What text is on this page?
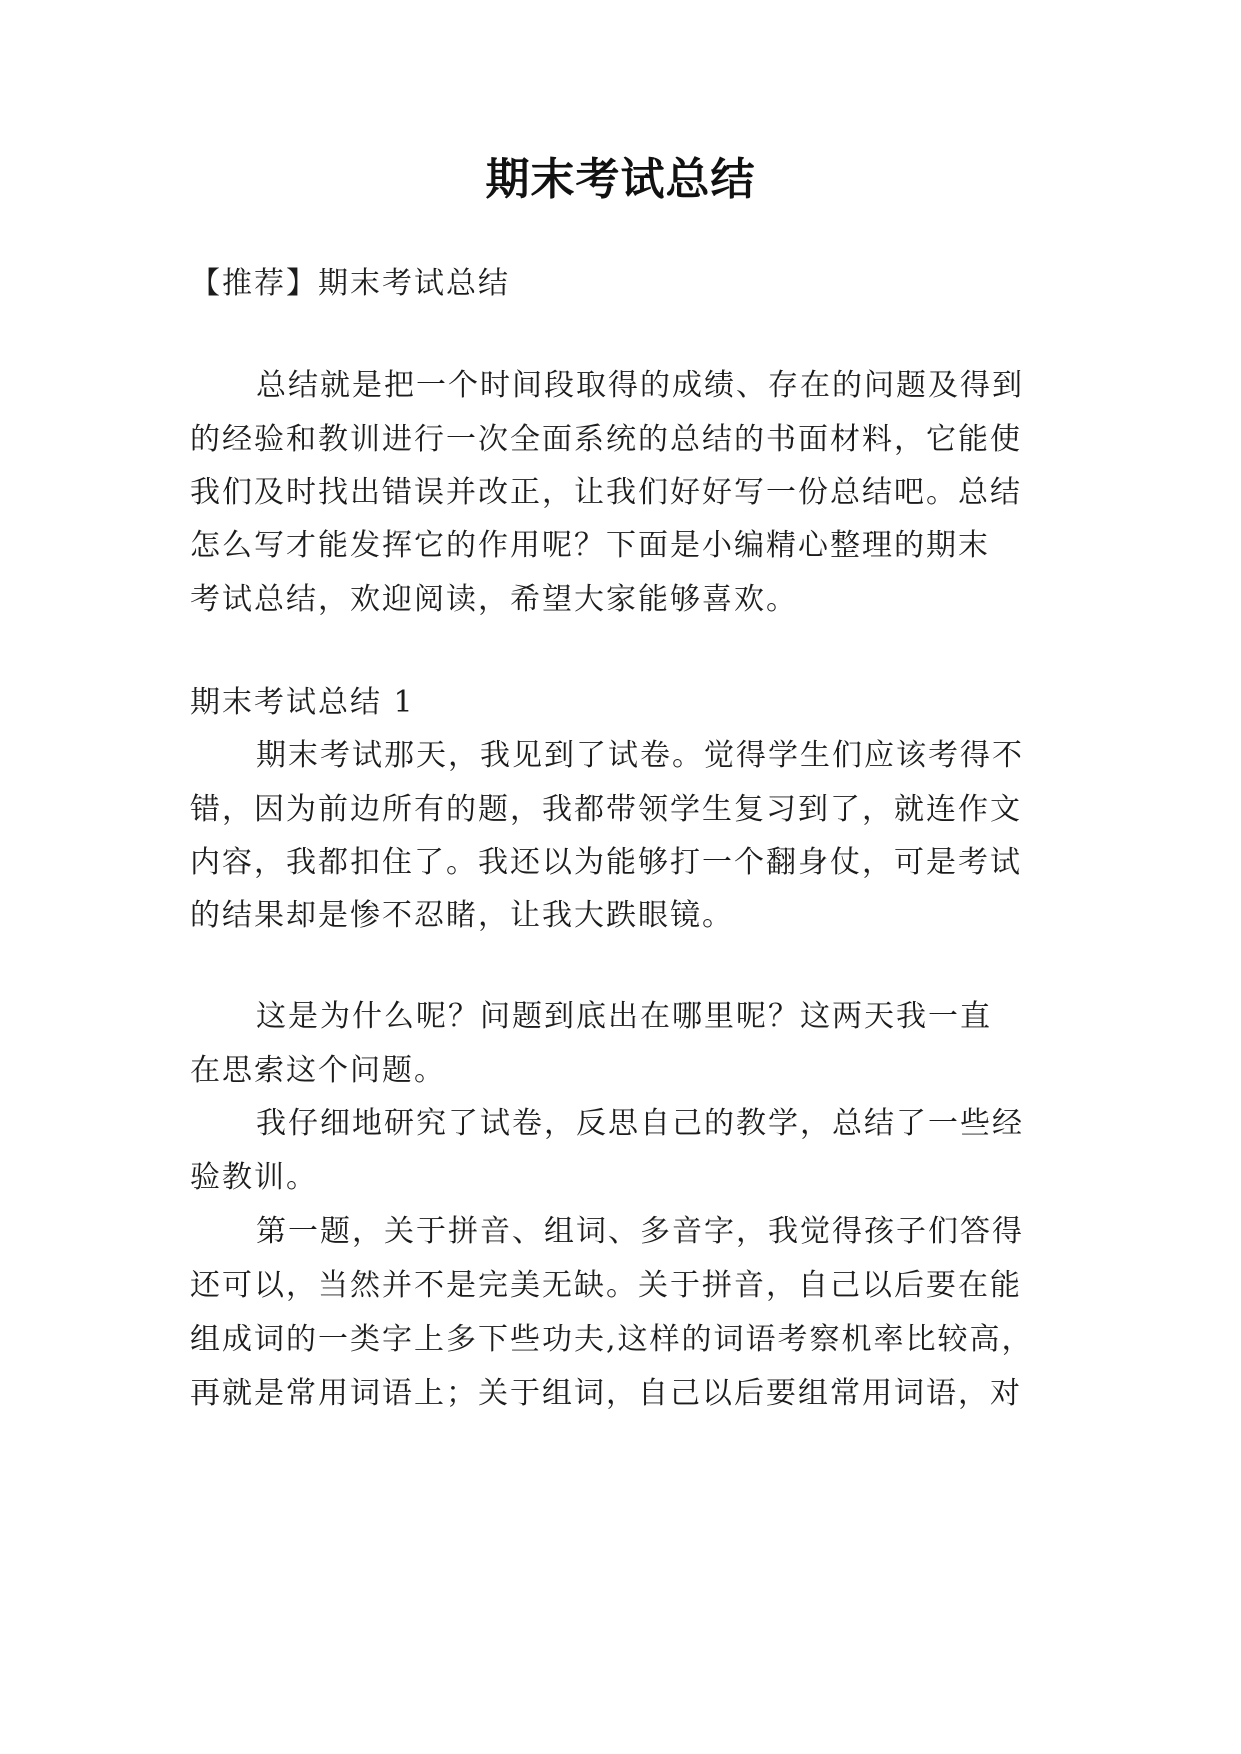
期末考试总结
【推荐】期末考试总结
总结就是把一个时间段取得的成绩、存在的问题及得到
的经验和教训进行一次全面系统的总结的书面材料，它能使
我们及时找出错误并改正，让我们好好写一份总结吧。总结
怎么写才能发挥它的作用呢？下面是小编精心整理的期末
考试总结，欢迎阅读，希望大家能够喜欢。
期末考试总结 1
期末考试那天，我见到了试卷。觉得学生们应该考得不
错，因为前边所有的题，我都带领学生复习到了，就连作文
内容，我都扣住了。我还以为能够打一个翻身仗，可是考试
的结果却是惨不忍睹，让我大跌眼镜。
这是为什么呢？问题到底出在哪里呢？这两天我一直
在思索这个问题。
我仔细地研究了试卷，反思自己的教学，总结了一些经
验教训。
第一题，关于拼音、组词、多音字，我觉得孩子们答得
还可以，当然并不是完美无缺。关于拼音，自己以后要在能
组成词的一类字上多下些功夫,这样的词语考察机率比较高，
再就是常用词语上；关于组词，自己以后要组常用词语，对
